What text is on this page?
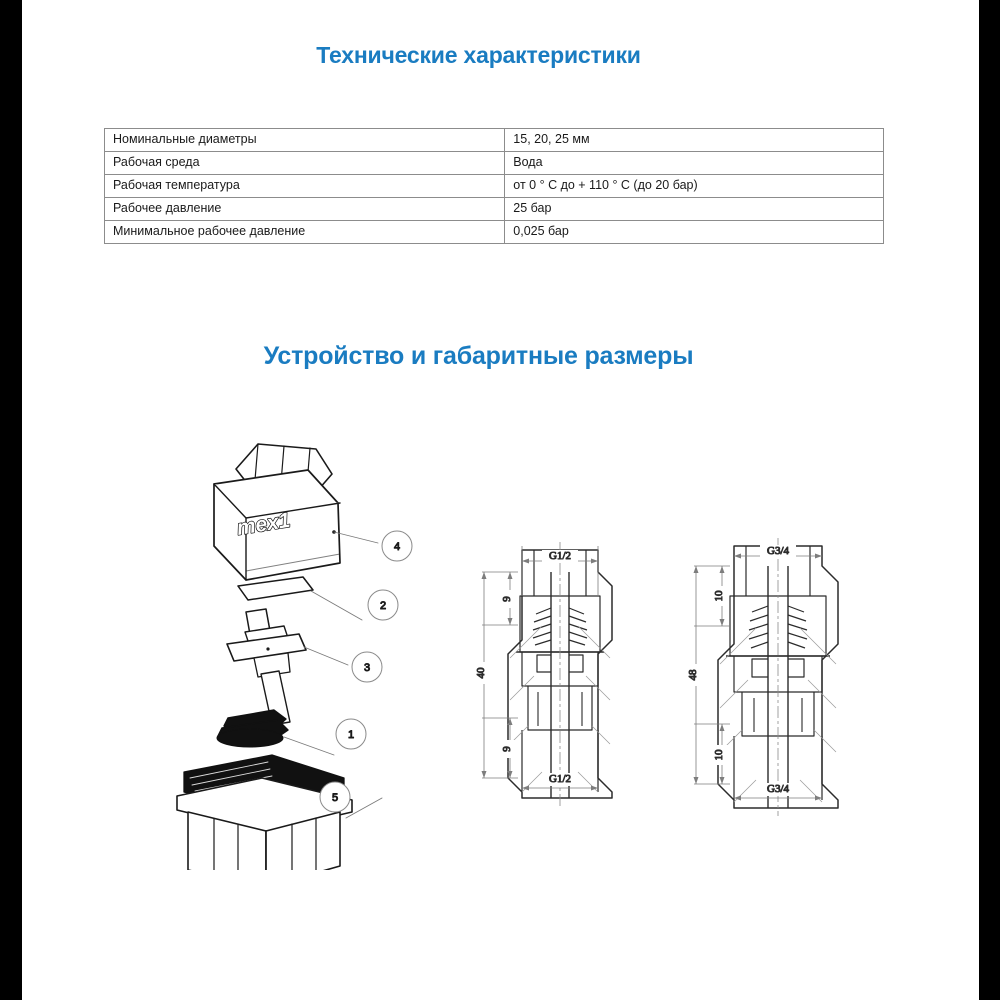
Технические характеристики
Номинальные диаметры	15, 20, 25 мм
Рабочая среда	Вода
Рабочая температура	от 0 ° C до + 110 ° C (до 20 бар)
Рабочее давление	25 бар
Минимальное рабочее давление	0,025 бар
Устройство и габаритные размеры
mex1
4
2
3
1
5
G1/2
G1/2
9
9
40
G3/4
G3/4
10
10
48
